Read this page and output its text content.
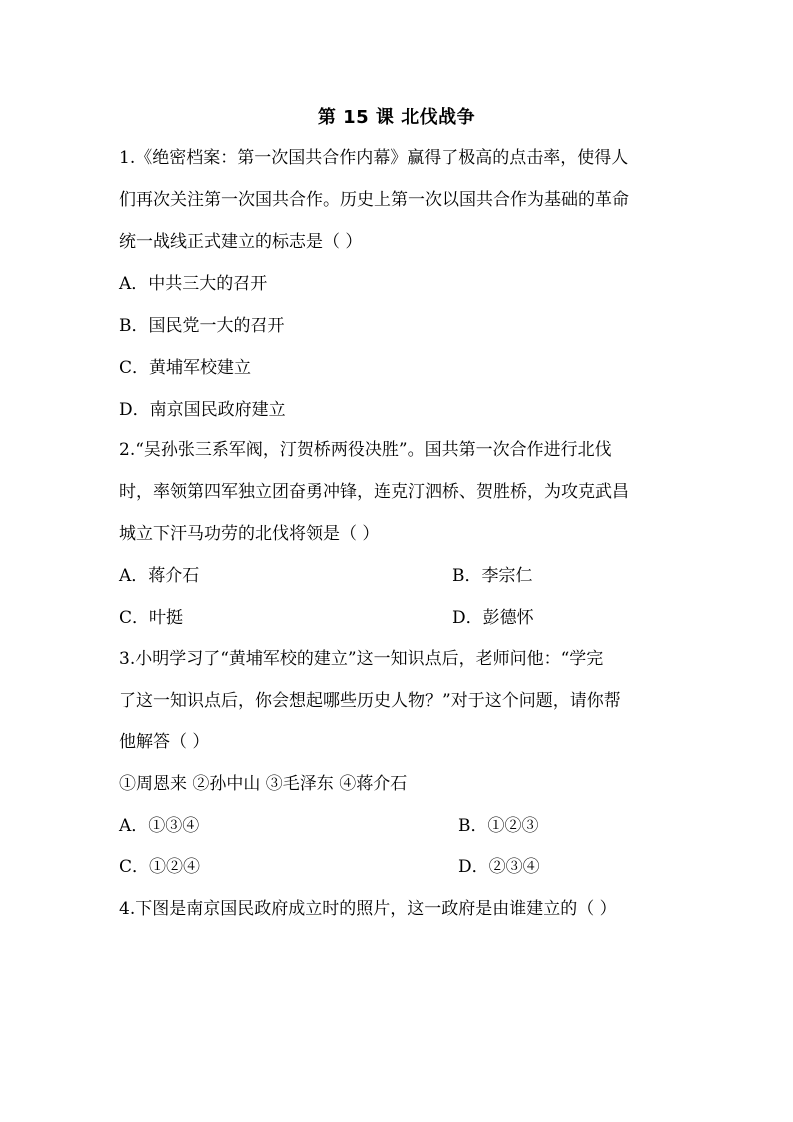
第 15 课 北伐战争
1.《绝密档案：第一次国共合作内幕》赢得了极高的点击率，使得人
们再次关注第一次国共合作。历史上第一次以国共合作为基础的革命
统一战线正式建立的标志是（ ）
A．中共三大的召开
B．国民党一大的召开
C．黄埔军校建立
D．南京国民政府建立
2.“吴孙张三系军阀，汀贺桥两役决胜”。国共第一次合作进行北伐
时，率领第四军独立团奋勇冲锋，连克汀泗桥、贺胜桥，为攻克武昌
城立下汗马功劳的北伐将领是（ ）
A．蒋介石	B．李宗仁
C．叶挺	D．彭德怀
3.小明学习了“黄埔军校的建立”这一知识点后，老师问他：“学完
了这一知识点后，你会想起哪些历史人物？”对于这个问题，请你帮
他解答（ ）
①周恩来 ②孙中山 ③毛泽东 ④蒋介石
A．①③④	B．①②③
C．①②④	D．②③④
4.下图是南京国民政府成立时的照片，这一政府是由谁建立的（ ）
